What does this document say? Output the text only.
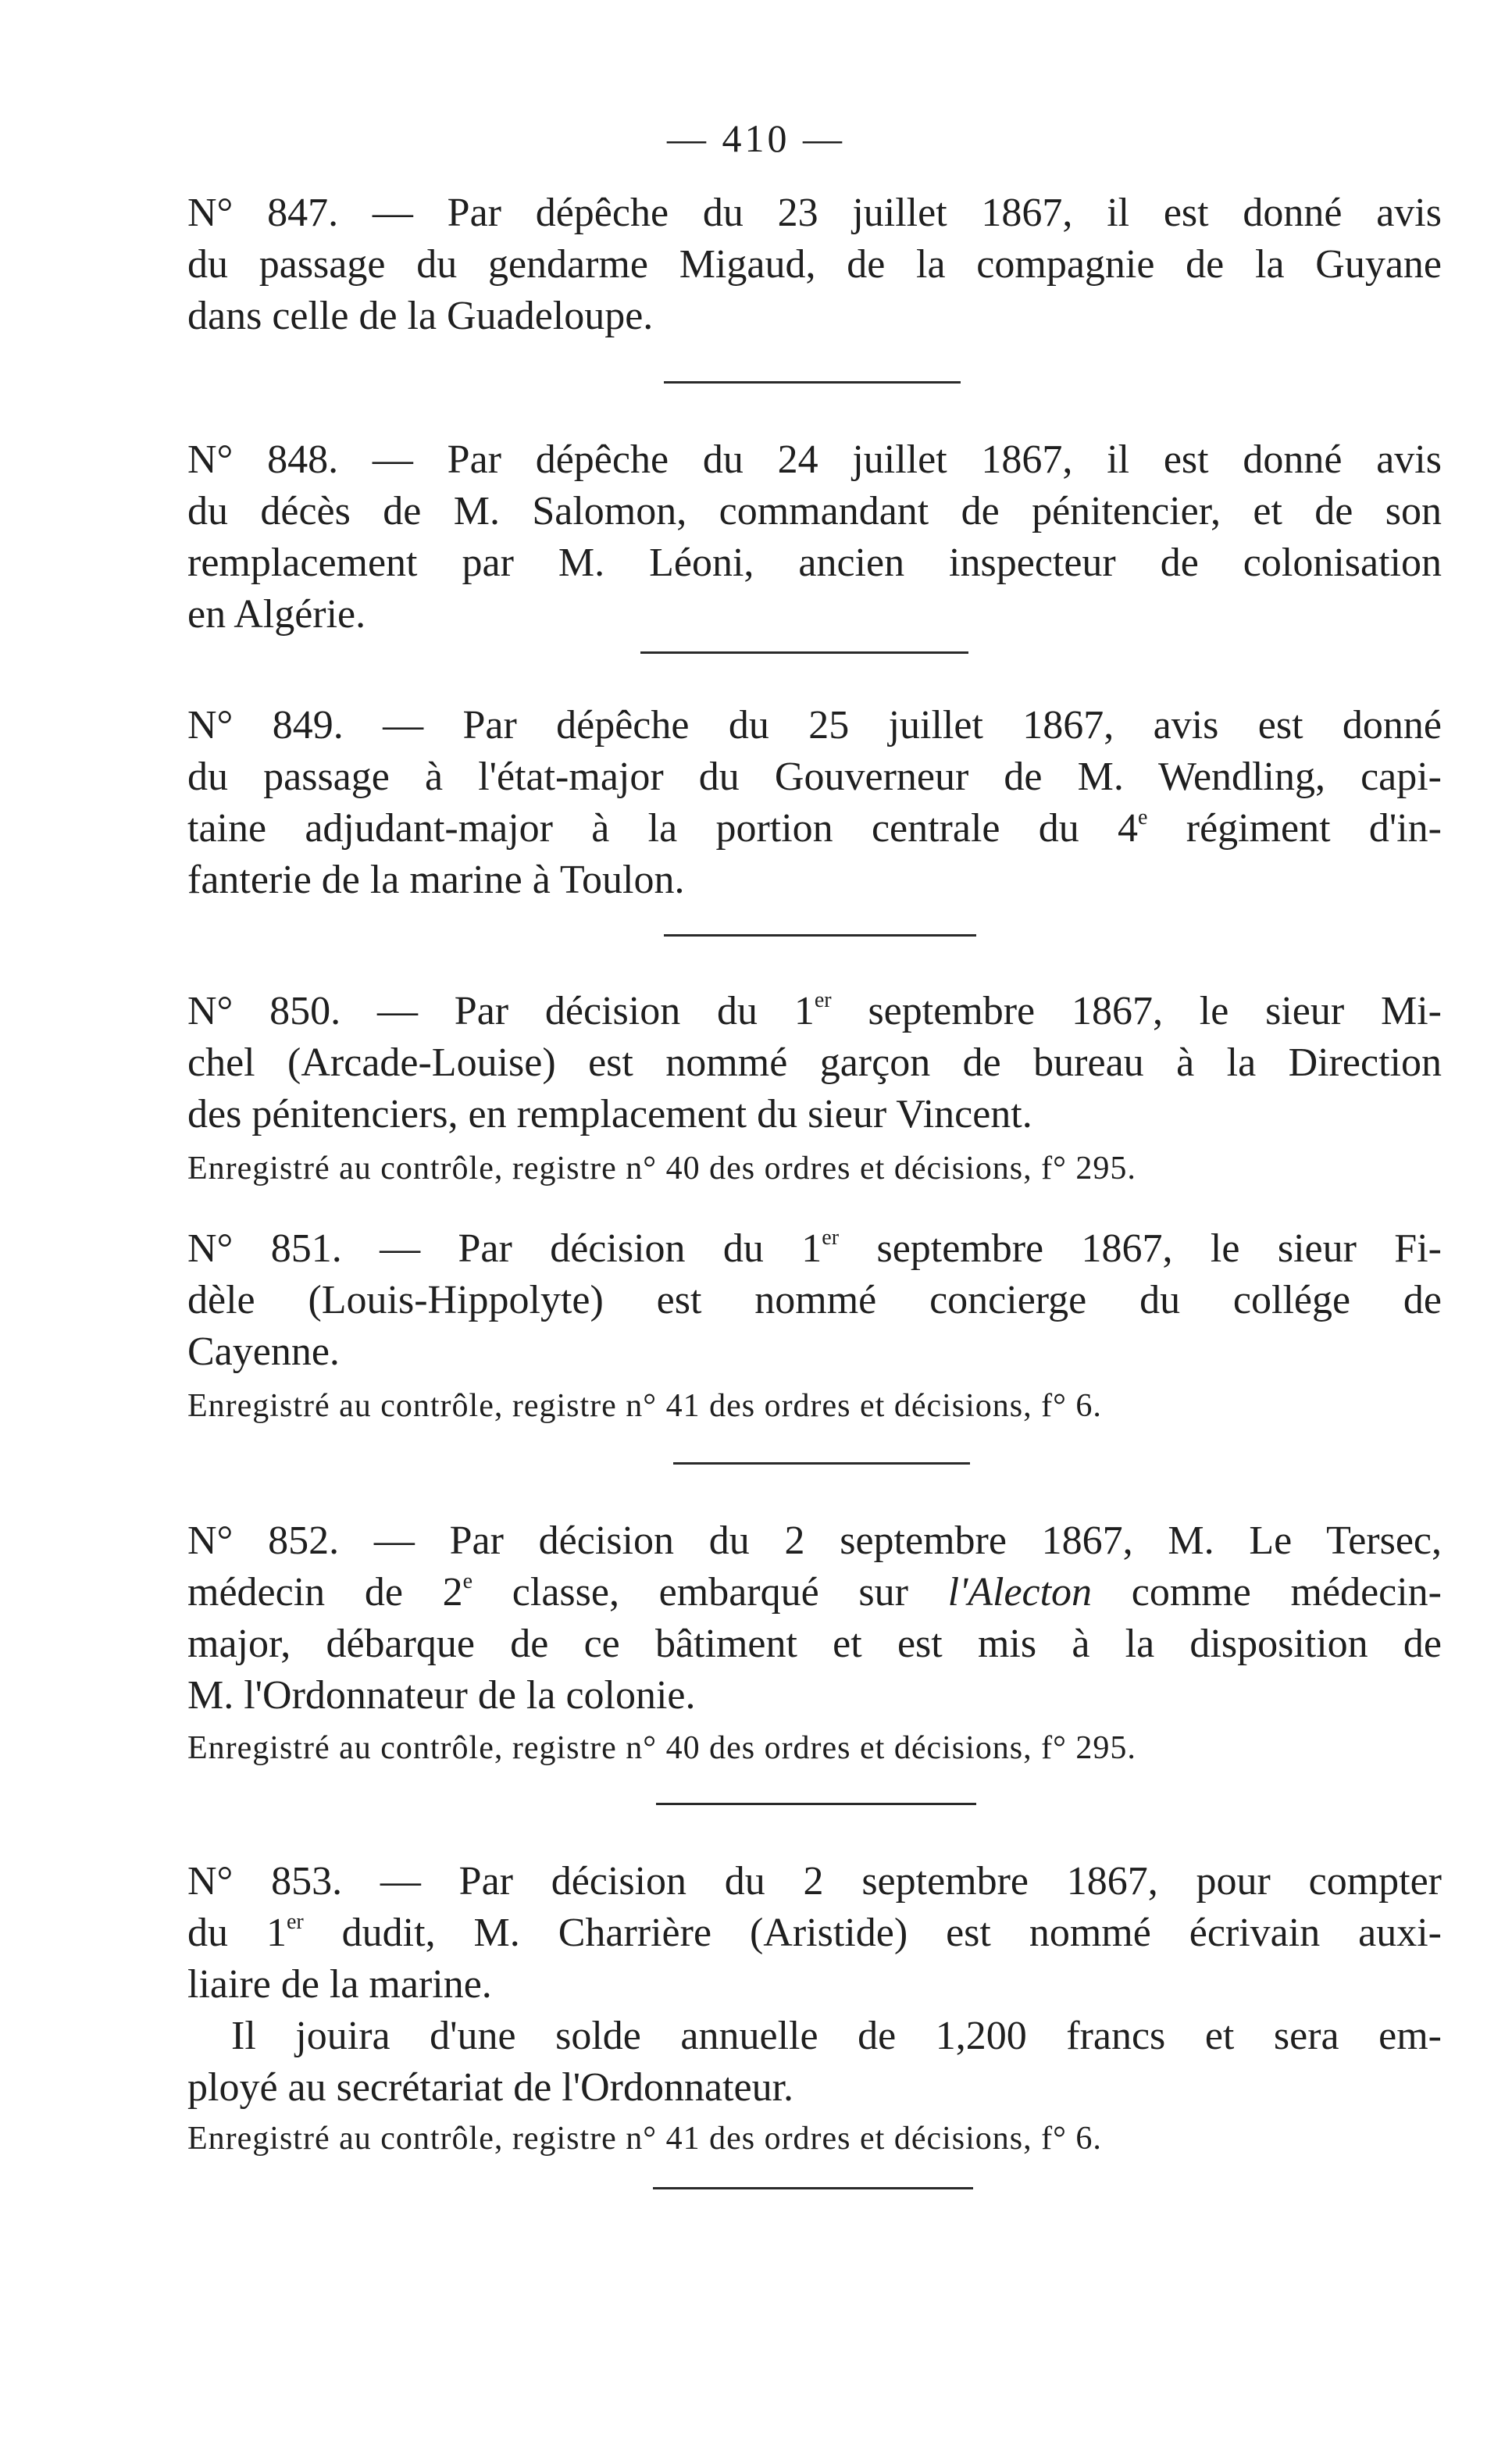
— 410 —
N° 847. — Par dépêche du 23 juillet 1867, il est donné avis
du passage du gendarme Migaud, de la compagnie de la Guyane
dans celle de la Guadeloupe.
N° 848. — Par dépêche du 24 juillet 1867, il est donné avis
du décès de M. Salomon, commandant de pénitencier, et de son
remplacement par M. Léoni, ancien inspecteur de colonisation
en Algérie.
N° 849. — Par dépêche du 25 juillet 1867, avis est donné
du passage à l'état-major du Gouverneur de M. Wendling, capi-
taine adjudant-major à la portion centrale du 4e régiment d'in-
fanterie de la marine à Toulon.
N° 850. — Par décision du 1er septembre 1867, le sieur Mi-
chel (Arcade-Louise) est nommé garçon de bureau à la Direction
des pénitenciers, en remplacement du sieur Vincent.
Enregistré au contrôle, registre n° 40 des ordres et décisions, f° 295.
N° 851. — Par décision du 1er septembre 1867, le sieur Fi-
dèle (Louis-Hippolyte) est nommé concierge du collége de
Cayenne.
Enregistré au contrôle, registre n° 41 des ordres et décisions, f° 6.
N° 852. — Par décision du 2 septembre 1867, M. Le Tersec,
médecin de 2e classe, embarqué sur l'Alecton comme médecin-
major, débarque de ce bâtiment et est mis à la disposition de
M. l'Ordonnateur de la colonie.
Enregistré au contrôle, registre n° 40 des ordres et décisions, f° 295.
N° 853. — Par décision du 2 septembre 1867, pour compter
du 1er dudit, M. Charrière (Aristide) est nommé écrivain auxi-
liaire de la marine.
Il jouira d'une solde annuelle de 1,200 francs et sera em-
ployé au secrétariat de l'Ordonnateur.
Enregistré au contrôle, registre n° 41 des ordres et décisions, f° 6.
